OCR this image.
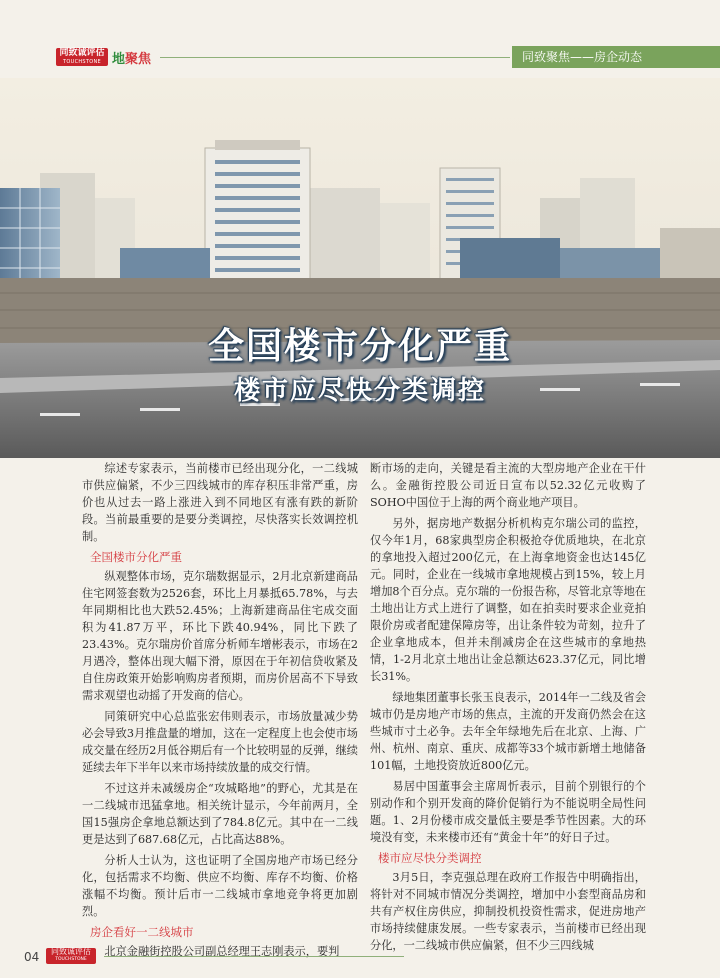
同致诚评估
TOUCHSTONE 地聚焦	同致聚焦——房企动态
全国楼市分化严重
楼市应尽快分类调控

综述专家表示，当前楼市已经出现分化，一二线城市供应偏紧，不少三四线城市的库存积压非常严重，房价也从过去一路上涨进入到不同地区有涨有跌的新阶段。当前最重要的是要分类调控，尽快落实长效调控机制。

全国楼市分化严重

纵观整体市场，克尔瑞数据显示，2月北京新建商品住宅网签套数为2526套，环比上月暴抵65.78%，与去年同期相比也大跌52.45%；上海新建商品住宅成交面积为41.87万平，环比下跌40.94%，同比下跌了23.43%。克尔瑞房价首席分析师车增彬表示，市场在2月遇冷，整体出现大幅下滑，原因在于年初信贷收紧及自住房政策开始影响购房者预期，而房价居高不下导致需求观望也动摇了开发商的信心。

同策研究中心总监张宏伟则表示，市场放量减少势必会导致3月推盘量的增加，这在一定程度上也会使市场成交量在经历2月低谷期后有一个比较明显的反弹，继续延续去年下半年以来市场持续放量的成交行情。

不过这并未减缓房企“攻城略地”的野心，尤其是在一二线城市迅猛拿地。相关统计显示，今年前两月，全国15强房企拿地总额达到了784.8亿元。其中在一二线更是达到了687.68亿元，占比高达88%。

分析人士认为，这也证明了全国房地产市场已经分化，包括需求不均衡、供应不均衡、库存不均衡、价格涨幅不均衡。预计后市一二线城市拿地竞争将更加剧烈。

房企看好一二线城市

北京金融街控股公司副总经理王志刚表示，要判

断市场的走向，关键是看主流的大型房地产企业在干什么。金融街控股公司近日宣布以52.32亿元收购了SOHO中国位于上海的两个商业地产项目。

另外，据房地产数据分析机构克尔瑞公司的监控，仅今年1月，68家典型房企积极抢夺优质地块，在北京的拿地投入超过200亿元，在上海拿地资金也达145亿元。同时，企业在一线城市拿地规模占到15%，较上月增加8个百分点。克尔瑞的一份报告称，尽管北京等地在土地出让方式上进行了调整，如在拍卖时要求企业竞拍限价房或者配建保障房等，出让条件较为苛刻，拉升了企业拿地成本，但并未削减房企在这些城市的拿地热情，1-2月北京土地出让金总额达623.37亿元，同比增长31%。

绿地集团董事长张玉良表示，2014年一二线及省会城市仍是房地产市场的焦点，主流的开发商仍然会在这些城市寸土必争。去年全年绿地先后在北京、上海、广州、杭州、南京、重庆、成都等33个城市新增土地储备101幅，土地投资放近800亿元。

易居中国董事会主席周忻表示，目前个别银行的个别动作和个别开发商的降价促销行为不能说明全局性问题。1、2月份楼市成交量低主要是季节性因素。大的环境没有变，未来楼市还有“黄金十年”的好日子过。

楼市应尽快分类调控

3月5日，李克强总理在政府工作报告中明确指出，将针对不同城市情况分类调控，增加中小套型商品房和共有产权住房供应，抑制投机投资性需求，促进房地产市场持续健康发展。一些专家表示，当前楼市已经出现分化，一二线城市供应偏紧，但不少三四线城

04	同致诚评估
TOUCHSTONE
